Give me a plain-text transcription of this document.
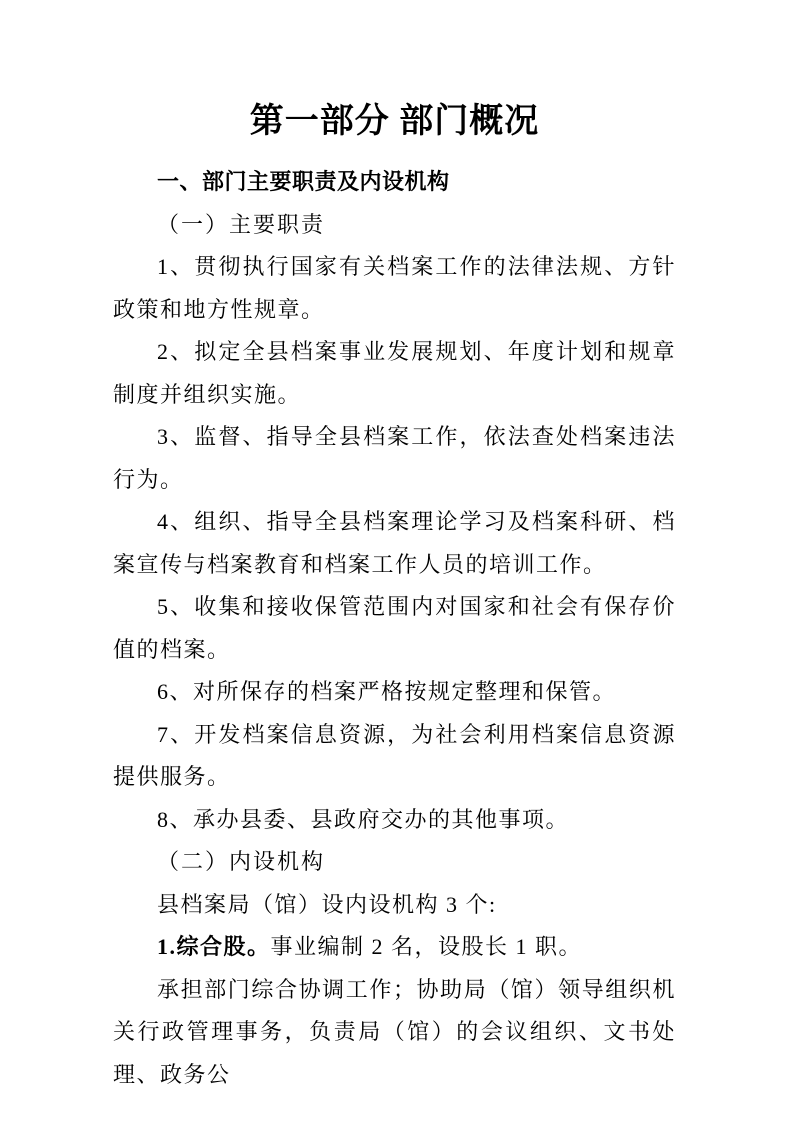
第一部分 部门概况
一、部门主要职责及内设机构
（一）主要职责

1、贯彻执行国家有关档案工作的法律法规、方针政策和地方性规章。

2、拟定全县档案事业发展规划、年度计划和规章制度并组织实施。

3、监督、指导全县档案工作，依法查处档案违法行为。

4、组织、指导全县档案理论学习及档案科研、档案宣传与档案教育和档案工作人员的培训工作。

5、收集和接收保管范围内对国家和社会有保存价值的档案。

6、对所保存的档案严格按规定整理和保管。

7、开发档案信息资源，为社会利用档案信息资源提供服务。

8、承办县委、县政府交办的其他事项。

（二）内设机构

县档案局（馆）设内设机构 3 个:

1.综合股。事业编制 2 名，设股长 1 职。

承担部门综合协调工作；协助局（馆）领导组织机关行政管理事务，负责局（馆）的会议组织、文书处理、政务公
